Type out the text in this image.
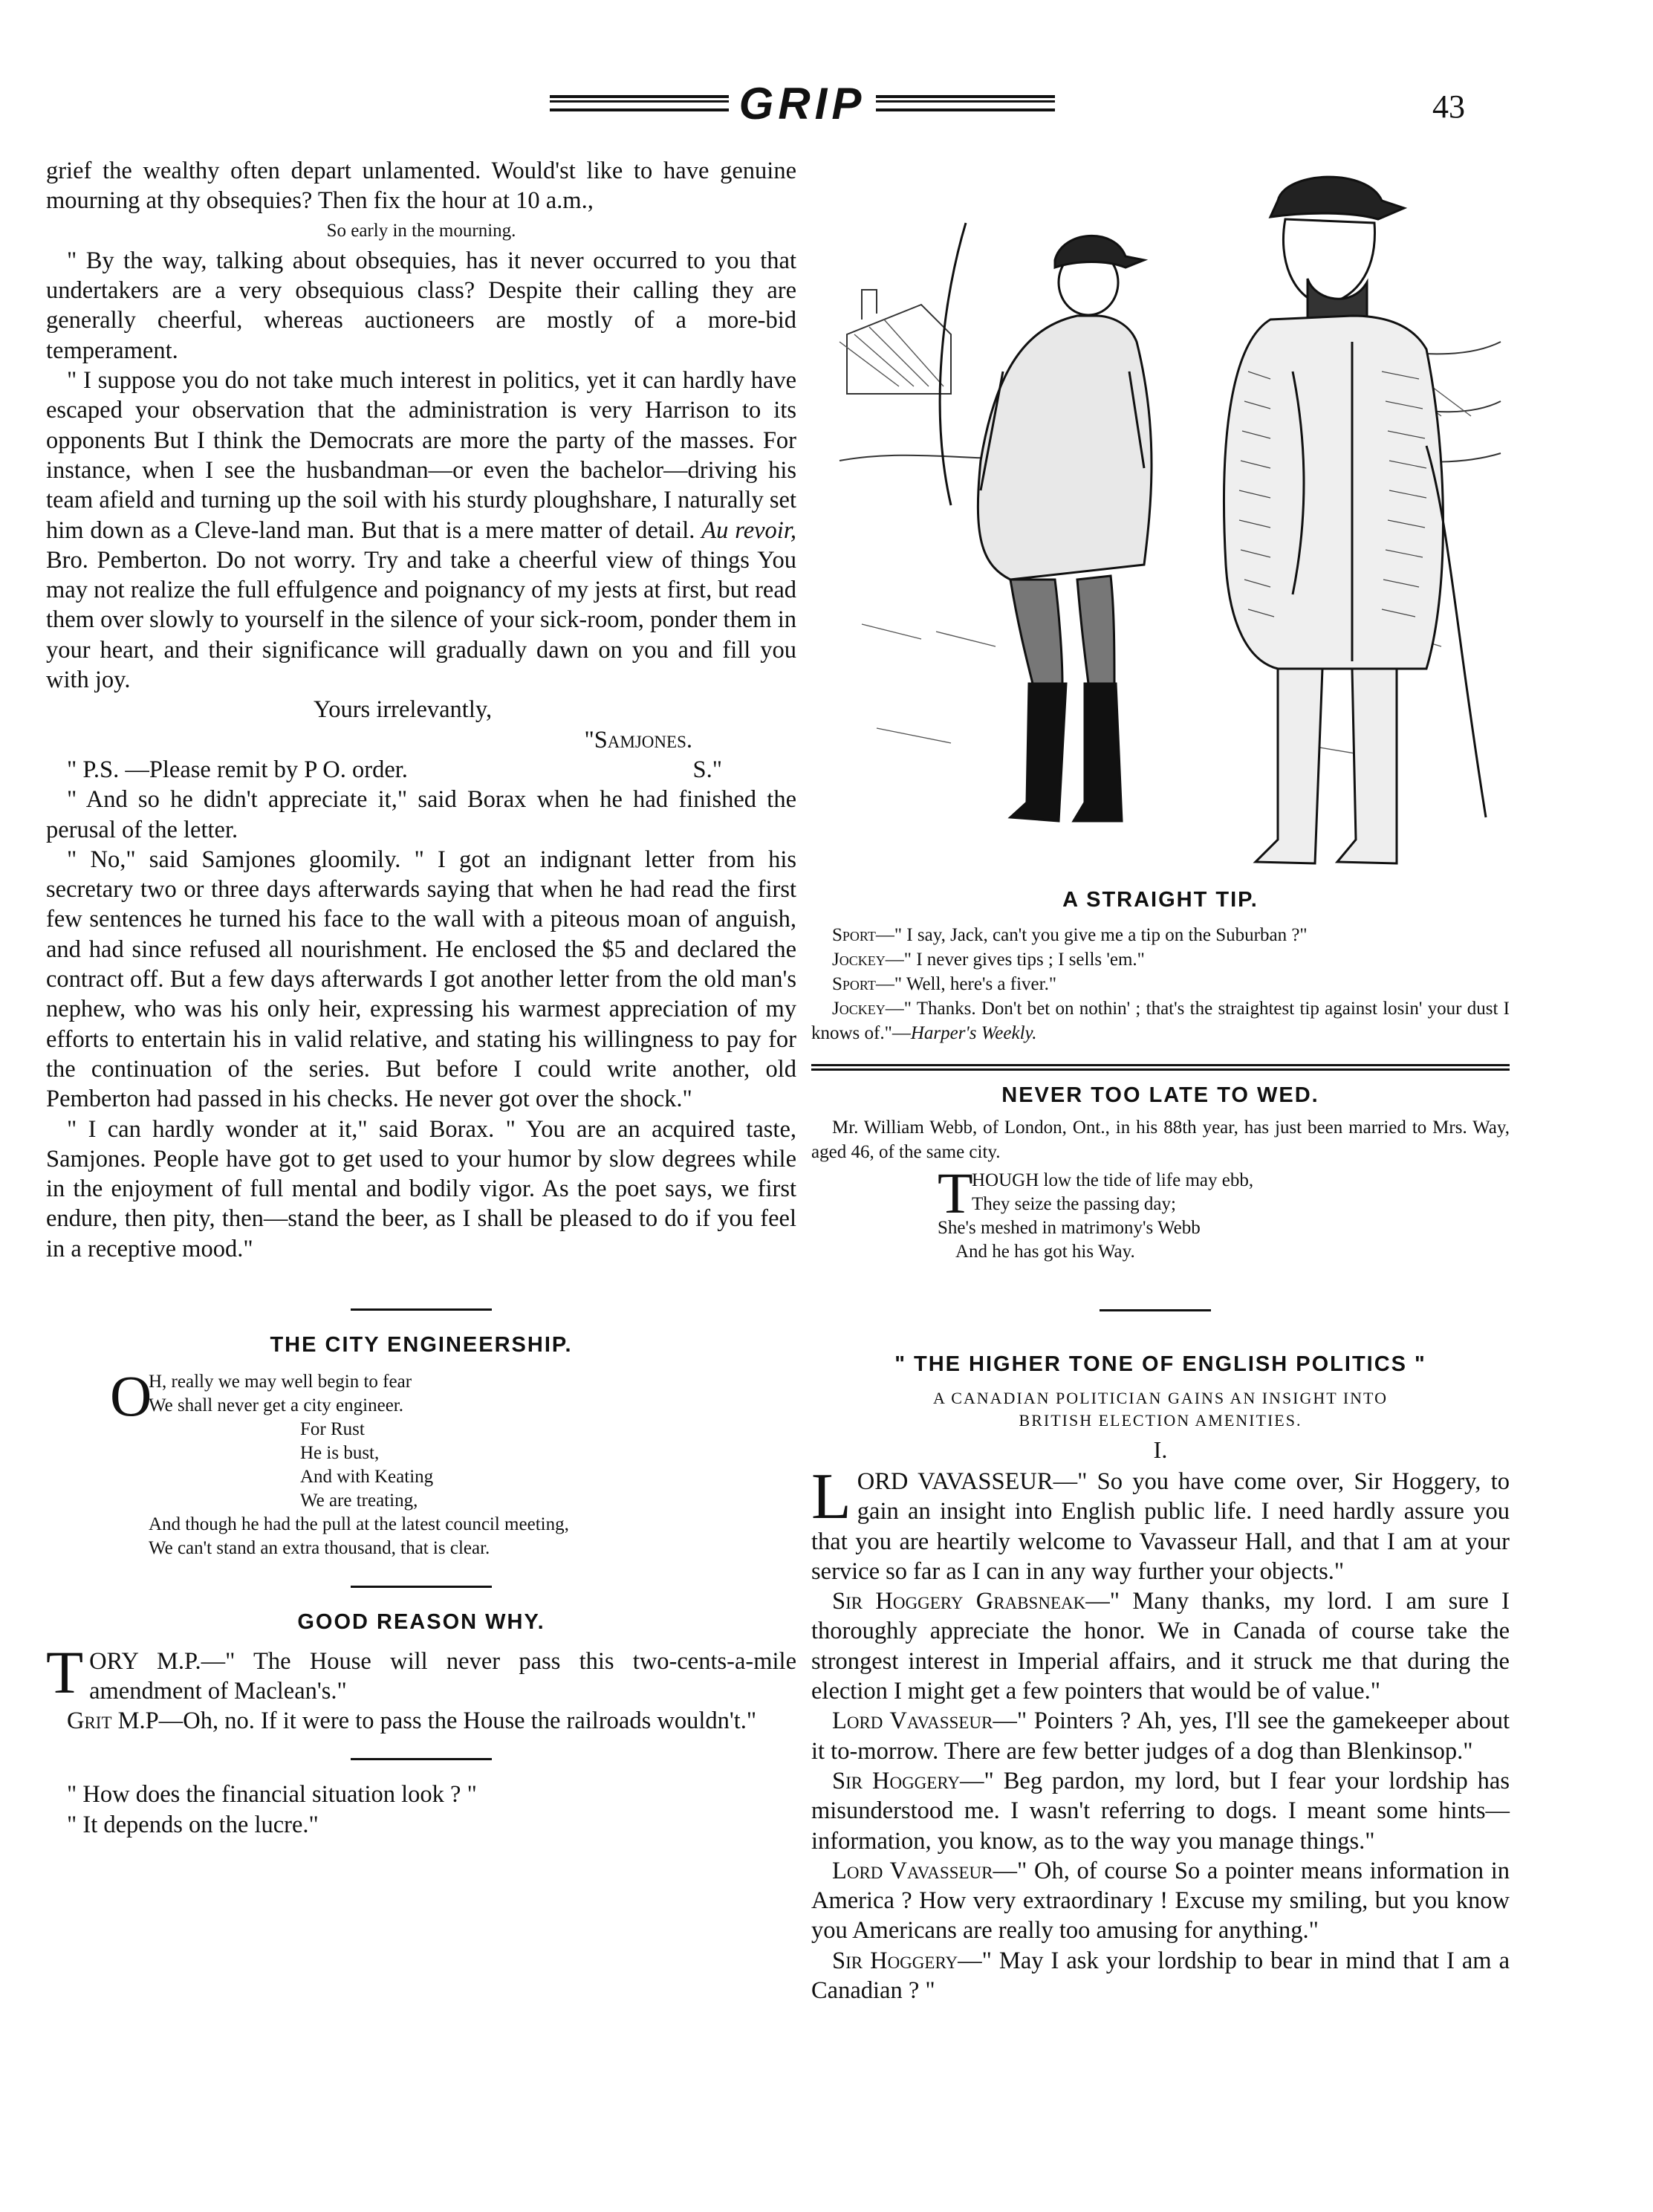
GRIP	43

grief the wealthy often depart unlamented. Would'st like to have genuine mourning at thy obsequies? Then fix the hour at 10 a.m.,

So early in the mourning.

" By the way, talking about obsequies, has it never occurred to you that undertakers are a very obsequious class? Despite their calling they are generally cheerful, whereas auctioneers are mostly of a more-bid temperament.

" I suppose you do not take much interest in politics, yet it can hardly have escaped your observation that the administration is very Harrison to its opponents But I think the Democrats are more the party of the masses. For instance, when I see the husbandman—or even the bachelor—driving his team afield and turning up the soil with his sturdy ploughshare, I naturally set him down as a Cleve-land man. But that is a mere matter of detail. Au revoir, Bro. Pemberton. Do not worry. Try and take a cheerful view of things You may not realize the full effulgence and poignancy of my jests at first, but read them over slowly to yourself in the silence of your sick-room, ponder them in your heart, and their significance will gradually dawn on you and fill you with joy.

Yours irrelevantly,

"Samjones.

" P.S. —Please remit by P O. order.	S."

" And so he didn't appreciate it," said Borax when he had finished the perusal of the letter.

" No," said Samjones gloomily. " I got an indignant letter from his secretary two or three days afterwards saying that when he had read the first few sentences he turned his face to the wall with a piteous moan of anguish, and had since refused all nourishment. He enclosed the $5 and declared the contract off. But a few days afterwards I got another letter from the old man's nephew, who was his only heir, expressing his warmest appreciation of my efforts to entertain his in valid relative, and stating his willingness to pay for the continuation of the series. But before I could write another, old Pemberton had passed in his checks. He never got over the shock."

" I can hardly wonder at it," said Borax. " You are an acquired taste, Samjones. People have got to get used to your humor by slow degrees while in the enjoyment of full mental and bodily vigor. As the poet says, we first endure, then pity, then—stand the beer, as I shall be pleased to do if you feel in a receptive mood."

THE CITY ENGINEERSHIP.
O
H, really we may well begin to fear
We shall never get a city engineer.
For Rust
He is bust,
And with Keating
We are treating,
And though he had the pull at the latest council meeting,
We can't stand an extra thousand, that is clear.
GOOD REASON WHY.
T ORY M.P.—" The House will never pass this two-cents-a-mile amendment of Maclean's."

Grit M.P—Oh, no. If it were to pass the House the railroads wouldn't."

" How does the financial situation look ? "

" It depends on the lucre."

A STRAIGHT TIP.

Sport—" I say, Jack, can't you give me a tip on the Suburban ?"

Jockey—" I never gives tips ; I sells 'em."

Sport—" Well, here's a fiver."

Jockey—" Thanks. Don't bet on nothin' ; that's the straightest tip against losin' your dust I knows of."—Harper's Weekly.

NEVER TOO LATE TO WED.

Mr. William Webb, of London, Ont., in his 88th year, has just been married to Mrs. Way, aged 46, of the same city.

T
HOUGH low the tide of life may ebb,
They seize the passing day;
She's meshed in matrimony's Webb
And he has got his Way.
" THE HIGHER TONE OF ENGLISH POLITICS "
A CANADIAN POLITICIAN GAINS AN INSIGHT INTO
BRITISH ELECTION AMENITIES.
I.
L ORD VAVASSEUR—" So you have come over, Sir Hoggery, to gain an insight into English public life. I need hardly assure you that you are heartily welcome to Vavasseur Hall, and that I am at your service so far as I can in any way further your objects."

Sir Hoggery Grabsneak—" Many thanks, my lord. I am sure I thoroughly appreciate the honor. We in Canada of course take the strongest interest in Imperial affairs, and it struck me that during the election I might get a few pointers that would be of value."

Lord Vavasseur—" Pointers ? Ah, yes, I'll see the gamekeeper about it to-morrow. There are few better judges of a dog than Blenkinsop."

Sir Hoggery—" Beg pardon, my lord, but I fear your lordship has misunderstood me. I wasn't referring to dogs. I meant some hints—information, you know, as to the way you manage things."

Lord Vavasseur—" Oh, of course So a pointer means information in America ? How very extraordinary ! Excuse my smiling, but you know you Americans are really too amusing for anything."

Sir Hoggery—" May I ask your lordship to bear in mind that I am a Canadian ? "
